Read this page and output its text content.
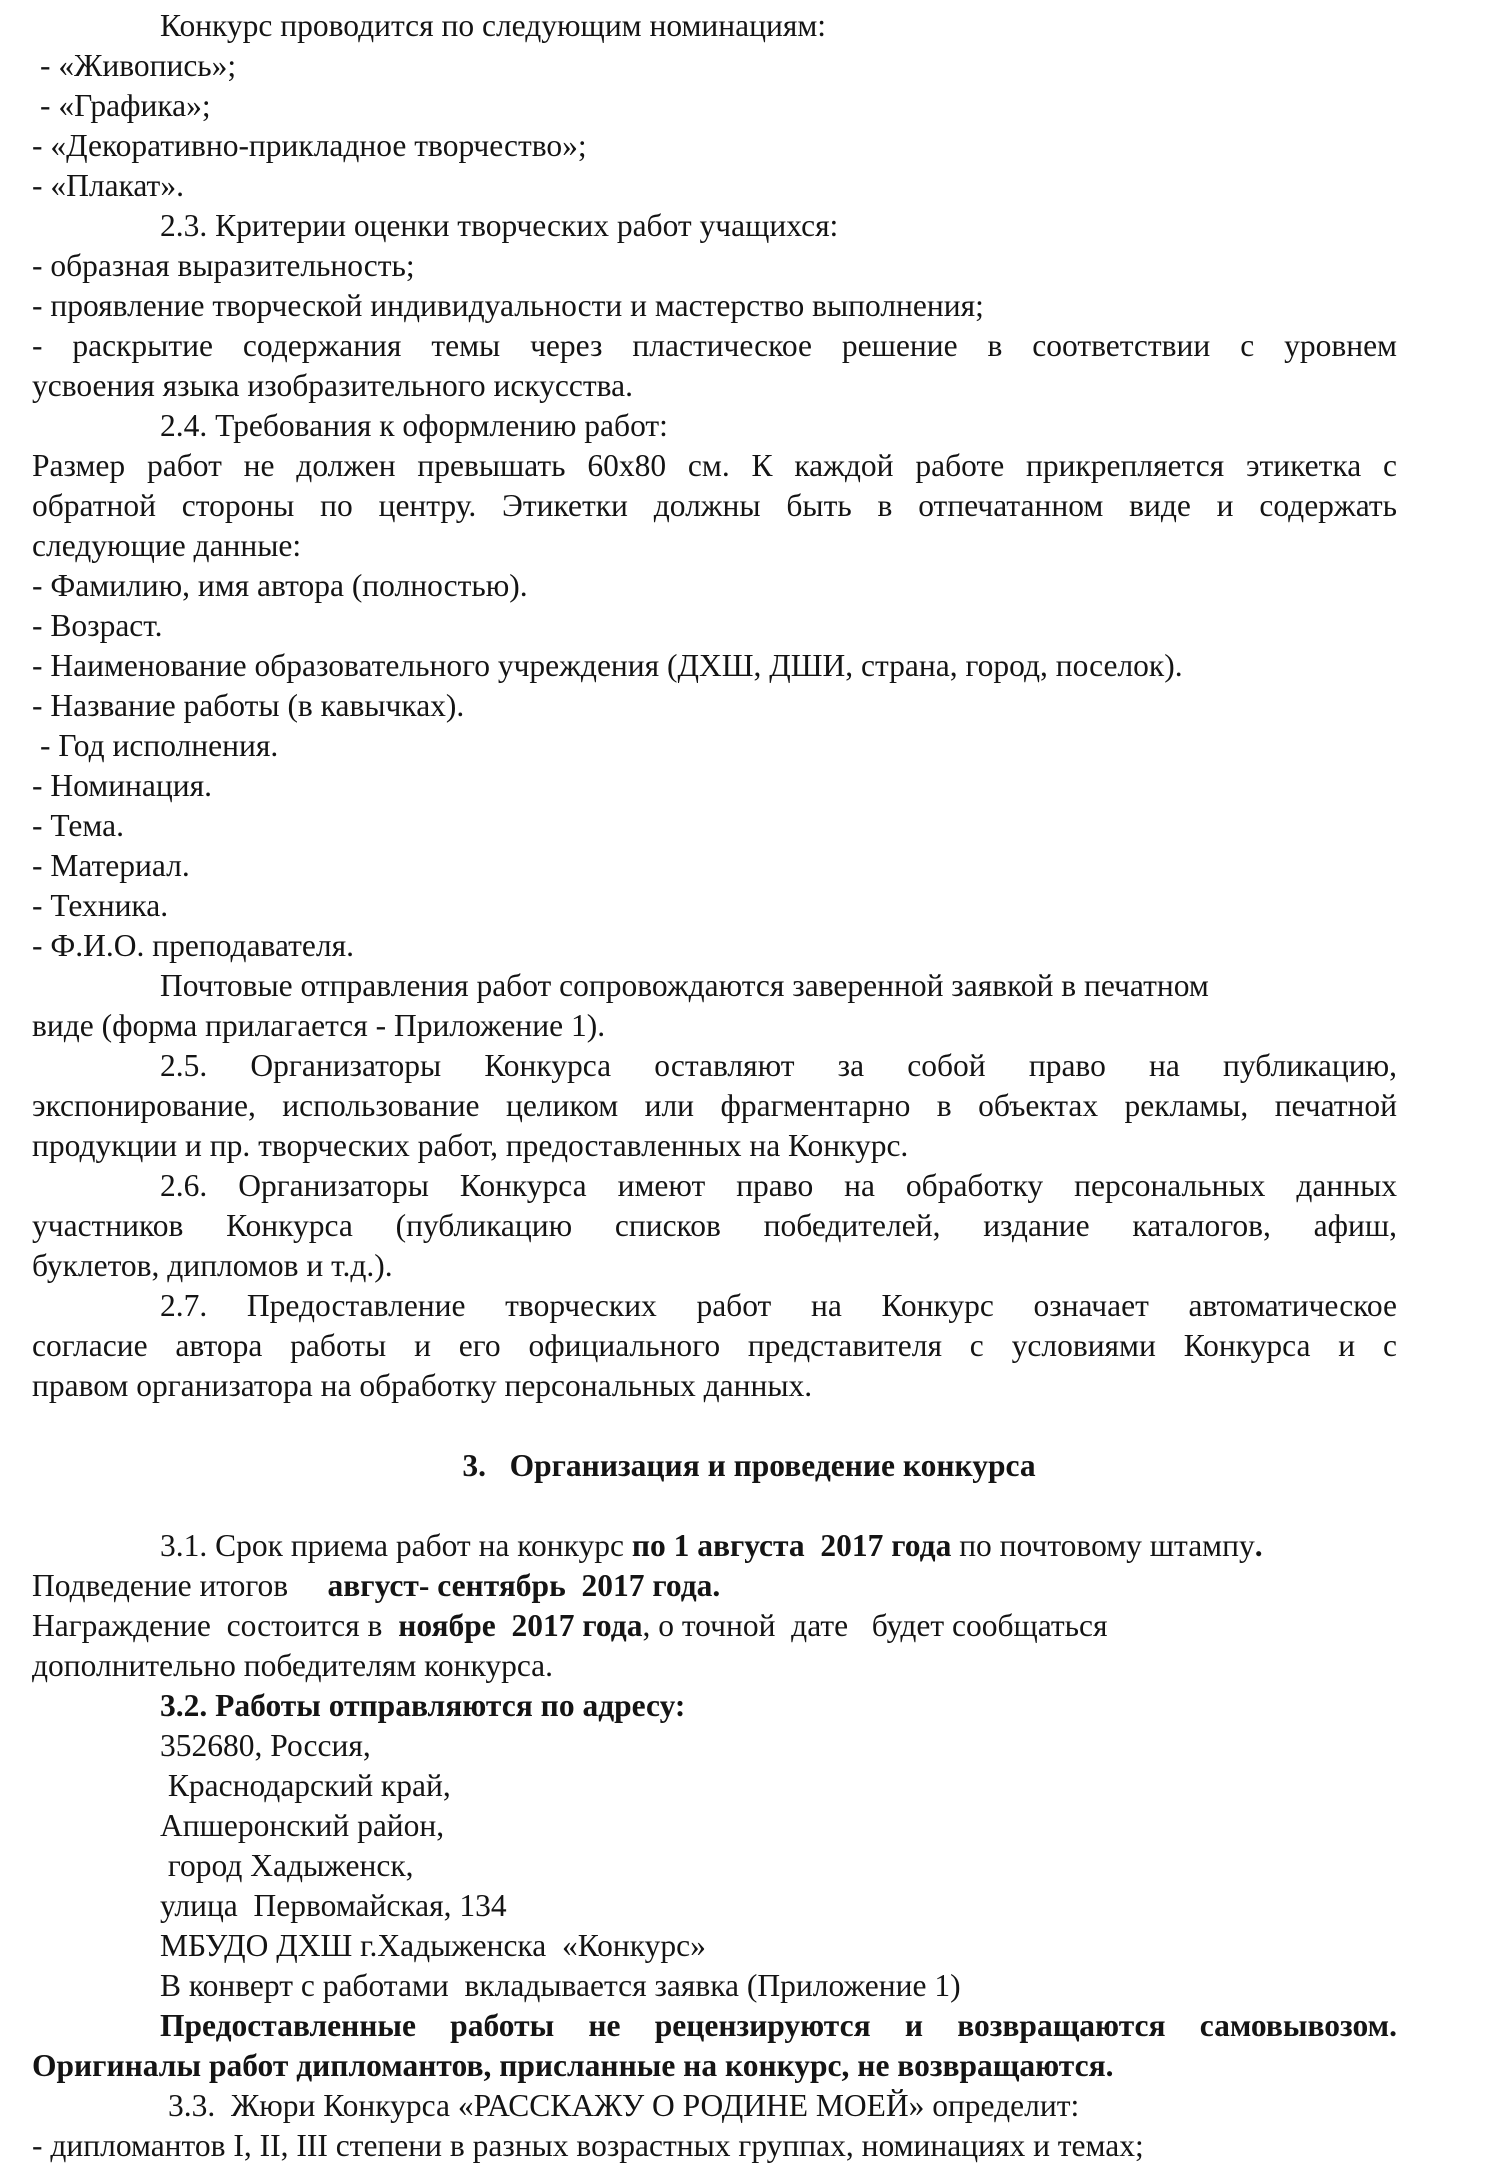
Конкурс проводится по следующим номинациям:
- «Живопись»;
- «Графика»;
- «Декоративно-прикладное творчество»;
- «Плакат».
2.3. Критерии оценки творческих работ учащихся:
- образная выразительность;
- проявление творческой индивидуальности и мастерство выполнения;
- раскрытие содержания темы через пластическое решение в соответствии с уровнем
усвоения языка изобразительного искусства.
2.4. Требования к оформлению работ:
Размер работ не должен превышать 60х80 см. К каждой работе прикрепляется этикетка с
обратной стороны по центру. Этикетки должны быть в отпечатанном виде и содержать
следующие данные:
- Фамилию, имя автора (полностью).
- Возраст.
- Наименование образовательного учреждения (ДХШ, ДШИ, страна, город, поселок).
- Название работы (в кавычках).
- Год исполнения.
- Номинация.
- Тема.
- Материал.
- Техника.
- Ф.И.О. преподавателя.
Почтовые отправления работ сопровождаются заверенной заявкой в печатном
виде (форма прилагается - Приложение 1).
2.5. Организаторы Конкурса оставляют за собой право на публикацию,
экспонирование, использование целиком или фрагментарно в объектах рекламы, печатной
продукции и пр. творческих работ, предоставленных на Конкурс.
2.6. Организаторы Конкурса имеют право на обработку персональных данных
участников Конкурса (публикацию списков победителей, издание каталогов, афиш,
буклетов, дипломов и т.д.).
2.7. Предоставление творческих работ на Конкурс означает автоматическое
согласие автора работы и его официального представителя с условиями Конкурса и с
правом организатора на обработку персональных данных.
3.   Организация и проведение конкурса
3.1. Срок приема работ на конкурс по 1 августа  2017 года по почтовому штампу.
Подведение итогов     август- сентябрь  2017 года.
Награждение  состоится в  ноябре  2017 года, о точной  дате   будет сообщаться
дополнительно победителям конкурса.
3.2. Работы отправляются по адресу:
352680, Россия,
Краснодарский край,
Апшеронский район,
город Хадыженск,
улица  Первомайская, 134
МБУДО ДХШ г.Хадыженска  «Конкурс»
В конверт с работами  вкладывается заявка (Приложение 1)
Предоставленные работы не рецензируются и возвращаются самовывозом.
Оригиналы работ дипломантов, присланные на конкурс, не возвращаются.
3.3.  Жюри Конкурса «РАССКАЖУ О РОДИНЕ МОЕЙ» определит:
- дипломантов I, II, III степени в разных возрастных группах, номинациях и темах;
